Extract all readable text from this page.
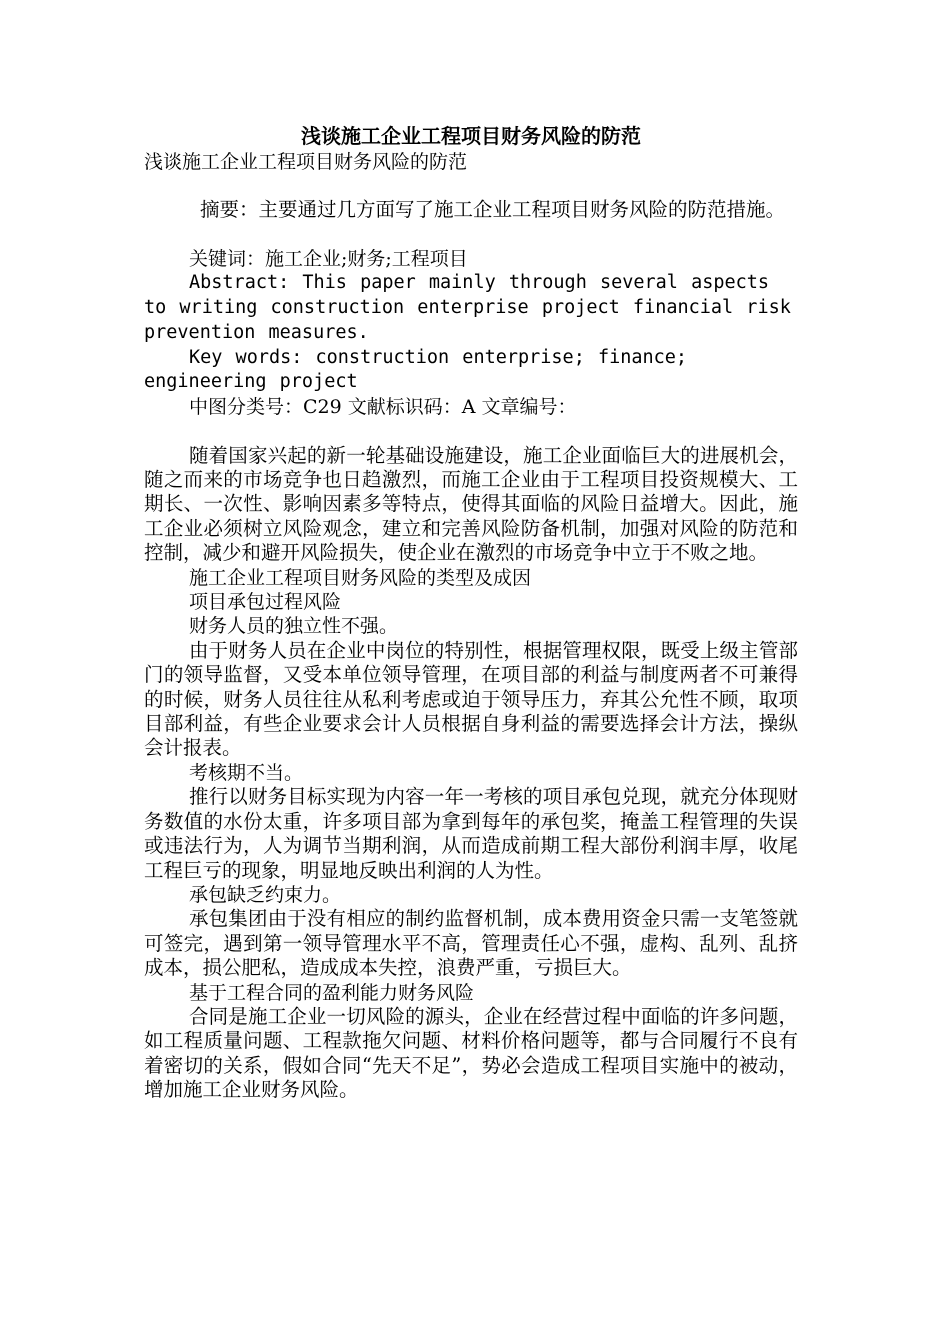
浅谈施工企业工程项目财务风险的防范

浅谈施工企业工程项目财务风险的防范

摘要：主要通过几方面写了施工企业工程项目财务风险的防范措施。

关键词：施工企业;财务;工程项目

Abstract: This paper mainly through several aspects to writing construction enterprise project financial risk prevention measures.

Key words: construction enterprise; finance; engineering project

中图分类号：C29 文献标识码：A 文章编号：

随着国家兴起的新一轮基础设施建设，施工企业面临巨大的进展机会，随之而来的市场竞争也日趋激烈，而施工企业由于工程项目投资规模大、工期长、一次性、影响因素多等特点，使得其面临的风险日益增大。因此，施工企业必须树立风险观念，建立和完善风险防备机制，加强对风险的防范和控制，减少和避开风险损失，使企业在激烈的市场竞争中立于不败之地。

施工企业工程项目财务风险的类型及成因

项目承包过程风险

财务人员的独立性不强。

由于财务人员在企业中岗位的特别性，根据管理权限，既受上级主管部门的领导监督，又受本单位领导管理，在项目部的利益与制度两者不可兼得的时候，财务人员往往从私利考虑或迫于领导压力，弃其公允性不顾，取项目部利益，有些企业要求会计人员根据自身利益的需要选择会计方法，操纵会计报表。

考核期不当。

推行以财务目标实现为内容一年一考核的项目承包兑现，就充分体现财务数值的水份太重，许多项目部为拿到每年的承包奖，掩盖工程管理的失误或违法行为，人为调节当期利润，从而造成前期工程大部份利润丰厚，收尾工程巨亏的现象，明显地反映出利润的人为性。

承包缺乏约束力。

承包集团由于没有相应的制约监督机制，成本费用资金只需一支笔签就可签完，遇到第一领导管理水平不高，管理责任心不强，虚构、乱列、乱挤成本，损公肥私，造成成本失控，浪费严重，亏损巨大。

基于工程合同的盈利能力财务风险

合同是施工企业一切风险的源头，企业在经营过程中面临的许多问题，如工程质量问题、工程款拖欠问题、材料价格问题等，都与合同履行不良有着密切的关系，假如合同“先天不足”，势必会造成工程项目实施中的被动，增加施工企业财务风险。
